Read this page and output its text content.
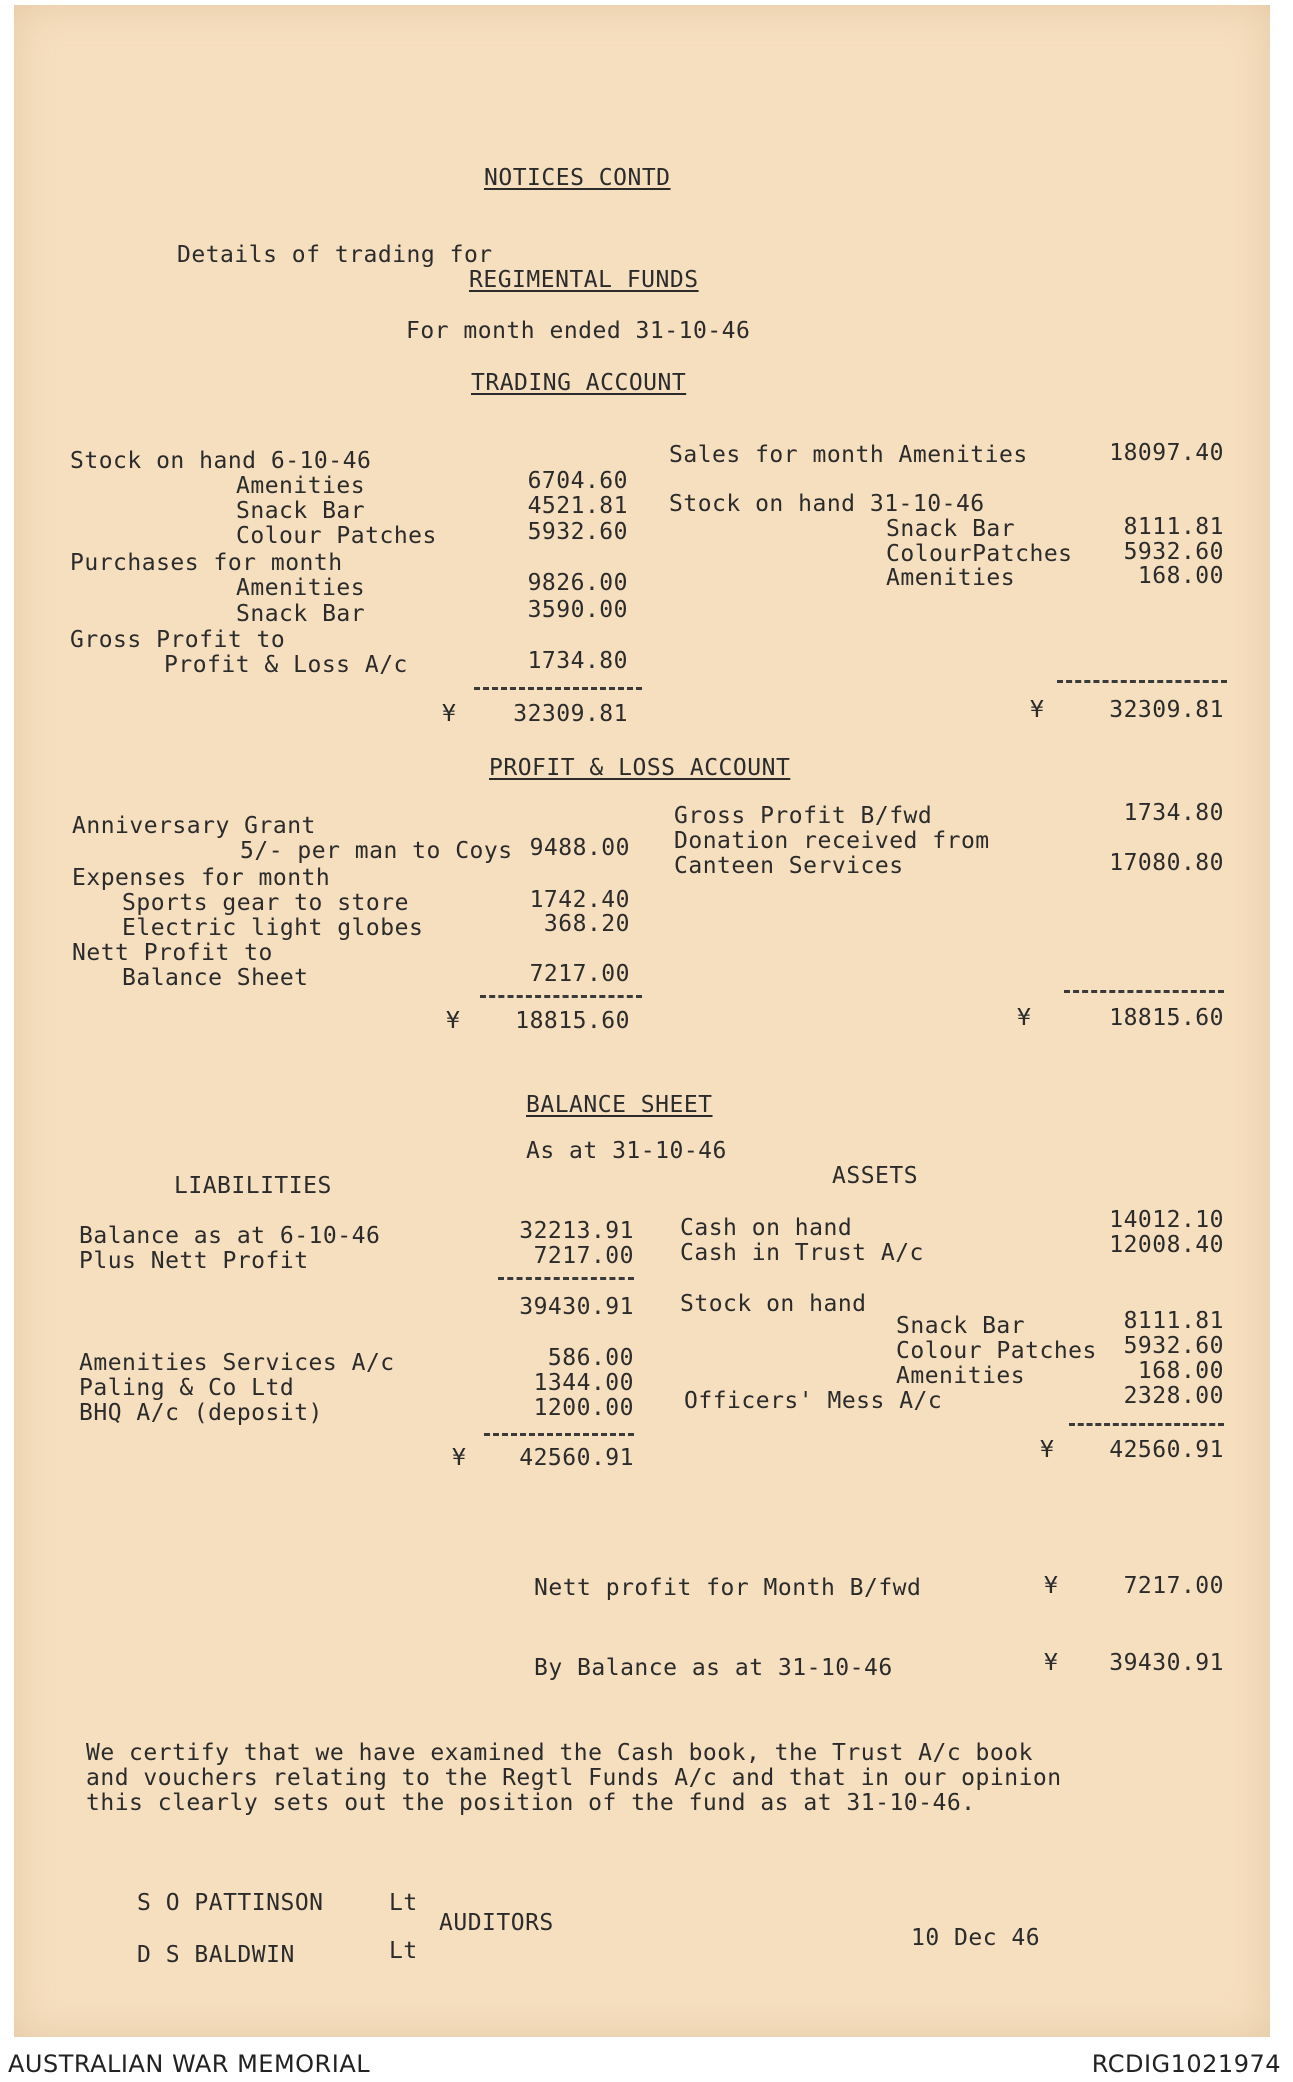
NOTICES CONTD
Details of trading for
REGIMENTAL FUNDS
For month ended 31-10-46
TRADING ACCOUNT
Stock on hand 6-10-46
Amenities	6704.60
Snack Bar	4521.81
Colour Patches	5932.60
Purchases for month
Amenities	9826.00
Snack Bar	3590.00
Gross Profit to
Profit & Loss A/c	1734.80
¥	32309.81
Sales for month Amenities	18097.40
Stock on hand 31-10-46
Snack Bar	8111.81
ColourPatches	5932.60
Amenities	168.00
¥	32309.81
PROFIT & LOSS ACCOUNT
Anniversary Grant
5/- per man to Coys 9488.00
Expenses for month
Sports gear to store	1742.40
Electric light globes	368.20
Nett Profit to
Balance Sheet	7217.00
¥	18815.60
Gross Profit B/fwd	1734.80
Donation received from
Canteen Services	17080.80
¥	18815.60
BALANCE SHEET
As at 31-10-46
LIABILITIES	ASSETS
Balance as at 6-10-46	32213.91
Plus Nett Profit	7217.00
39430.91
Amenities Services A/c	586.00
Paling & Co Ltd	1344.00
BHQ A/c (deposit)	1200.00
¥	42560.91
Cash on hand	14012.10
Cash in Trust A/c	12008.40
Stock on hand
Snack Bar	8111.81
Colour Patches	5932.60
Amenities	168.00
Officers' Mess A/c	2328.00
¥	42560.91
Nett profit for Month B/fwd	¥	7217.00
By Balance as at 31-10-46	¥	39430.91
We certify that we have examined the Cash book, the Trust A/c book
and vouchers relating to the Regtl Funds A/c and that in our opinion
this clearly sets out the position of the fund as at 31-10-46.
S O PATTINSON	Lt
D S BALDWIN	Lt
AUDITORS
10 Dec 46
AUSTRALIAN WAR MEMORIAL	RCDIG1021974
